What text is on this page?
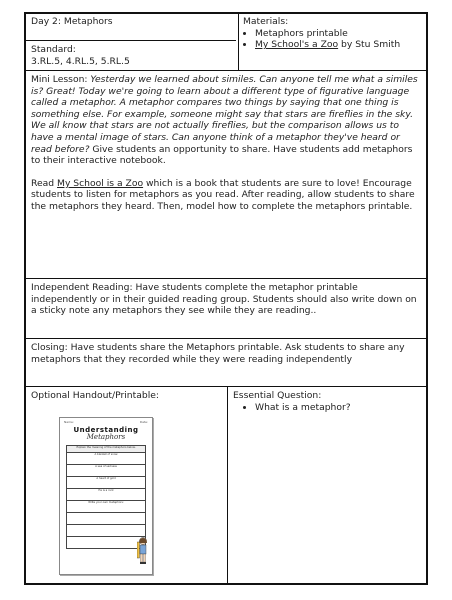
Day 2: Metaphors

Standard:

3.RL.5, 4.RL.5, 5.RL.5

Materials:

• Metaphors printable
• My School's a Zoo by Stu Smith

Mini Lesson: Yesterday we learned about similes. Can anyone tell me what a similes is? Great! Today we're going to learn about a different type of figurative language called a metaphor. A metaphor compares two things by saying that one thing is something else. For example, someone might say that stars are fireflies in the sky. We all know that stars are not actually fireflies, but the comparison allows us to have a mental image of stars. Can anyone think of a metaphor they've heard or read before? Give students an opportunity to share. Have students add metaphors to their interactive notebook.

Read My School is a Zoo which is a book that students are sure to love! Encourage students to listen for metaphors as you read. After reading, allow students to share the metaphors they heard. Then, model how to complete the metaphors printable.

Independent Reading: Have students complete the metaphor printable independently or in their guided reading group. Students should also write down on a sticky note any metaphors they see while they are reading..

Closing: Have students share the Metaphors printable. Ask students to share any metaphors that they recorded while they were reading independently

Optional Handout/Printable:	Essential Question:

• What is a metaphor?
Name:	Date:
Understanding
Metaphors
Explain the meaning of the metaphors below.
A blanket of snow
A sea of sadness
A heart of gold
He is a rock
Write your own metaphors:
